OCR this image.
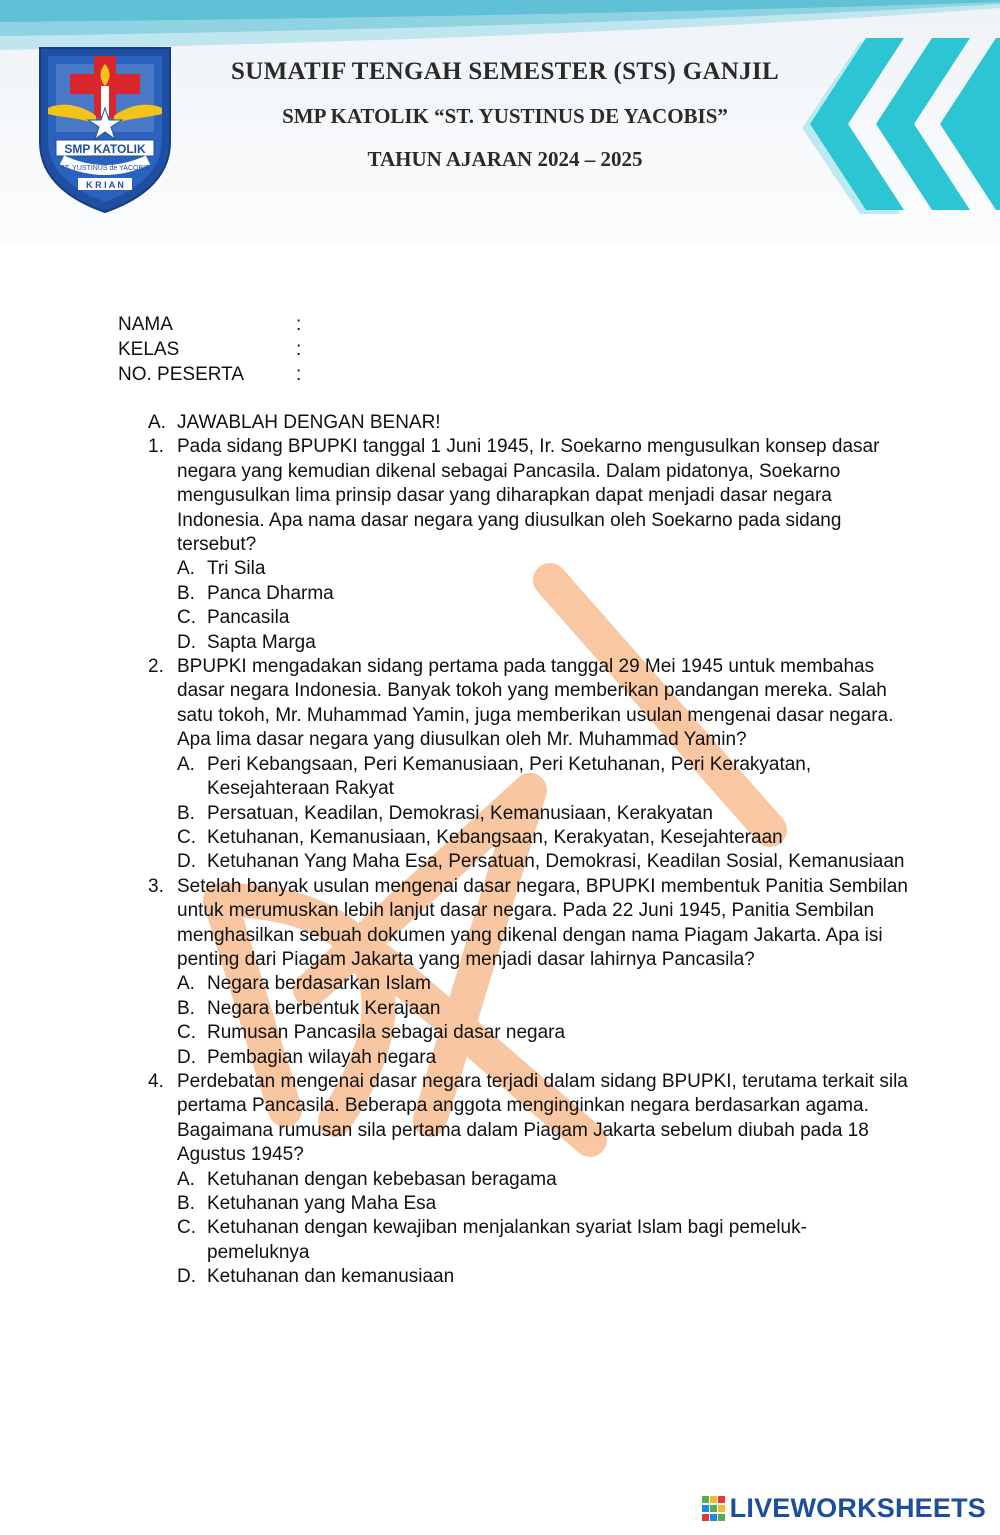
SMP KATOLIK
ST. YUSTINUS de YACOBIS
K R I A N
SUMATIF TENGAH SEMESTER (STS) GANJIL
SMP KATOLIK “ST. YUSTINUS DE YACOBIS”
TAHUN AJARAN 2024 – 2025
NAMA	:
KELAS	:
NO. PESERTA	:
A. JAWABLAH DENGAN BENAR!
1. Pada sidang BPUPKI tanggal 1 Juni 1945, Ir. Soekarno mengusulkan konsep dasar negara yang kemudian dikenal sebagai Pancasila. Dalam pidatonya, Soekarno mengusulkan lima prinsip dasar yang diharapkan dapat menjadi dasar negara Indonesia. Apa nama dasar negara yang diusulkan oleh Soekarno pada sidang tersebut?
A. Tri Sila
B. Panca Dharma
C. Pancasila
D. Sapta Marga
2. BPUPKI mengadakan sidang pertama pada tanggal 29 Mei 1945 untuk membahas dasar negara Indonesia. Banyak tokoh yang memberikan pandangan mereka. Salah satu tokoh, Mr. Muhammad Yamin, juga memberikan usulan mengenai dasar negara. Apa lima dasar negara yang diusulkan oleh Mr. Muhammad Yamin?
A. Peri Kebangsaan, Peri Kemanusiaan, Peri Ketuhanan, Peri Kerakyatan, Kesejahteraan Rakyat
B. Persatuan, Keadilan, Demokrasi, Kemanusiaan, Kerakyatan
C. Ketuhanan, Kemanusiaan, Kebangsaan, Kerakyatan, Kesejahteraan
D. Ketuhanan Yang Maha Esa, Persatuan, Demokrasi, Keadilan Sosial, Kemanusiaan
3. Setelah banyak usulan mengenai dasar negara, BPUPKI membentuk Panitia Sembilan untuk merumuskan lebih lanjut dasar negara. Pada 22 Juni 1945, Panitia Sembilan menghasilkan sebuah dokumen yang dikenal dengan nama Piagam Jakarta. Apa isi penting dari Piagam Jakarta yang menjadi dasar lahirnya Pancasila?
A. Negara berdasarkan Islam
B. Negara berbentuk Kerajaan
C. Rumusan Pancasila sebagai dasar negara
D. Pembagian wilayah negara
4. Perdebatan mengenai dasar negara terjadi dalam sidang BPUPKI, terutama terkait sila pertama Pancasila. Beberapa anggota menginginkan negara berdasarkan agama. Bagaimana rumusan sila pertama dalam Piagam Jakarta sebelum diubah pada 18 Agustus 1945?
A. Ketuhanan dengan kebebasan beragama
B. Ketuhanan yang Maha Esa
C. Ketuhanan dengan kewajiban menjalankan syariat Islam bagi pemeluk-pemeluknya
D. Ketuhanan dan kemanusiaan
LIVEWORKSHEETS
